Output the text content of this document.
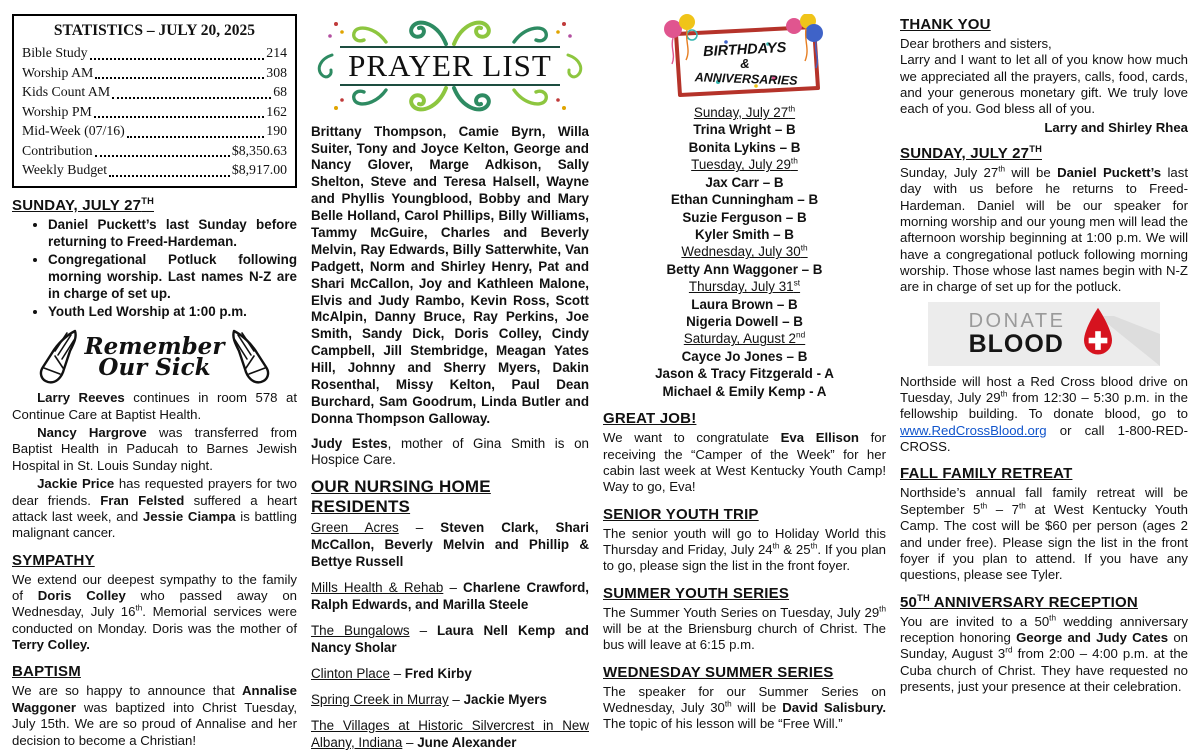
STATISTICS – JULY 20, 2025
Bible Study	214
Worship AM	308
Kids Count AM	68
Worship PM	162
Mid-Week (07/16)	190
Contribution	$8,350.63
Weekly Budget	$8,917.00
SUNDAY, JULY 27TH
• Daniel Puckett’s last Sunday before returning to Freed-Hardeman.
• Congregational Potluck following morning worship. Last names N-Z are in charge of set up.
• Youth Led Worship at 1:00 p.m.
Remember
Our Sick

Larry Reeves continues in room 578 at Continue Care at Baptist Health.

Nancy Hargrove was transferred from Baptist Health in Paducah to Barnes Jewish Hospital in St. Louis Sunday night.

Jackie Price has requested prayers for two dear friends. Fran Felsted suffered a heart attack last week, and Jessie Ciampa is battling malignant cancer.

SYMPATHY

We extend our deepest sympathy to the family of Doris Colley who passed away on Wednesday, July 16th. Memorial services were conducted on Monday. Doris was the mother of Terry Colley.

BAPTISM

We are so happy to announce that Annalise Waggoner was baptized into Christ Tuesday, July 15th. We are so proud of Annalise and her decision to become a Christian!

PRAYER LIST

Brittany Thompson, Camie Byrn, Willa Suiter, Tony and Joyce Kelton, George and Nancy Glover, Marge Adkison, Sally Shelton, Steve and Teresa Halsell, Wayne and Phyllis Youngblood, Bobby and Mary Belle Holland, Carol Phillips, Billy Williams, Tammy McGuire, Charles and Beverly Melvin, Ray Edwards, Billy Satterwhite, Van Padgett, Norm and Shirley Henry, Pat and Shari McCallon, Joy and Kathleen Malone, Elvis and Judy Rambo, Kevin Ross, Scott McAlpin, Danny Bruce, Ray Perkins, Joe Smith, Sandy Dick, Doris Colley, Cindy Campbell, Jill Stembridge, Meagan Yates Hill, Johnny and Sherry Myers, Dakin Rosenthal, Missy Kelton, Paul Dean Burchard, Sam Goodrum, Linda Butler and Donna Thompson Galloway.

Judy Estes, mother of Gina Smith is on Hospice Care.

OUR NURSING HOME RESIDENTS

Green Acres – Steven Clark, Shari McCallon, Beverly Melvin and Phillip & Bettye Russell

Mills Health & Rehab – Charlene Crawford, Ralph Edwards, and Marilla Steele

The Bungalows – Laura Nell Kemp and Nancy Sholar

Clinton Place – Fred Kirby

Spring Creek in Murray – Jackie Myers

The Villages at Historic Silvercrest in New Albany, Indiana – June Alexander

BIRTHDAYS
&
ANNIVERSARIES
Sunday, July 27th
Trina Wright – B
Bonita Lykins – B
Tuesday, July 29th
Jax Carr – B
Ethan Cunningham – B
Suzie Ferguson – B
Kyler Smith – B
Wednesday, July 30th
Betty Ann Waggoner – B
Thursday, July 31st
Laura Brown – B
Nigeria Dowell – B
Saturday, August 2nd
Cayce Jo Jones – B
Jason & Tracy Fitzgerald - A
Michael & Emily Kemp - A
GREAT JOB!

We want to congratulate Eva Ellison for receiving the “Camper of the Week” for her cabin last week at West Kentucky Youth Camp! Way to go, Eva!

SENIOR YOUTH TRIP

The senior youth will go to Holiday World this Thursday and Friday, July 24th & 25th. If you plan to go, please sign the list in the front foyer.

SUMMER YOUTH SERIES

The Summer Youth Series on Tuesday, July 29th will be at the Briensburg church of Christ. The bus will leave at 6:15 p.m.

WEDNESDAY SUMMER SERIES

The speaker for our Summer Series on Wednesday, July 30th will be David Salisbury. The topic of his lesson will be “Free Will.”

THANK YOU

Dear brothers and sisters,

Larry and I want to let all of you know how much we appreciated all the prayers, calls, food, cards, and your generous monetary gift. We truly love each of you. God bless all of you.

Larry and Shirley Rhea

SUNDAY, JULY 27TH

Sunday, July 27th will be Daniel Puckett’s last day with us before he returns to Freed-Hardeman. Daniel will be our speaker for morning worship and our young men will lead the afternoon worship beginning at 1:00 p.m. We will have a congregational potluck following morning worship. Those whose last names begin with N-Z are in charge of set up for the potluck.

DONATE
BLOOD

Northside will host a Red Cross blood drive on Tuesday, July 29th from 12:30 – 5:30 p.m. in the fellowship building. To donate blood, go to www.RedCrossBlood.org or call 1-800-RED-CROSS.

FALL FAMILY RETREAT

Northside’s annual fall family retreat will be September 5th – 7th at West Kentucky Youth Camp. The cost will be $60 per person (ages 2 and under free). Please sign the list in the front foyer if you plan to attend. If you have any questions, please see Tyler.

50TH ANNIVERSARY RECEPTION

You are invited to a 50th wedding anniversary reception honoring George and Judy Cates on Sunday, August 3rd from 2:00 – 4:00 p.m. at the Cuba church of Christ. They have requested no presents, just your presence at their celebration.
